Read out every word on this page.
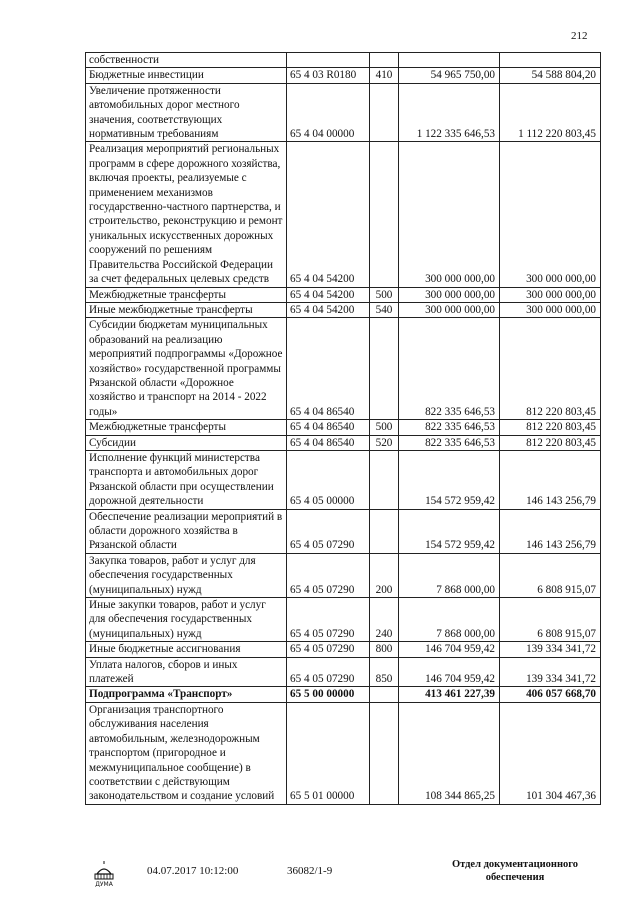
212
собственности				
Бюджетные инвестиции	65 4 03 R0180	410	54 965 750,00	54 588 804,20
Увеличение протяженности автомобильных дорог местного значения, соответствующих нормативным требованиям	65 4 04 00000		1 122 335 646,53	1 112 220 803,45
Реализация мероприятий региональных программ в сфере дорожного хозяйства, включая проекты, реализуемые с применением механизмов государственно-частного партнерства, и строительство, реконструкцию и ремонт уникальных искусственных дорожных сооружений по решениям Правительства Российской Федерации за счет федеральных целевых средств	65 4 04 54200		300 000 000,00	300 000 000,00
Межбюджетные трансферты	65 4 04 54200	500	300 000 000,00	300 000 000,00
Иные межбюджетные трансферты	65 4 04 54200	540	300 000 000,00	300 000 000,00
Субсидии бюджетам муниципальных образований на реализацию мероприятий подпрограммы «Дорожное хозяйство» государственной программы Рязанской области «Дорожное хозяйство и транспорт на 2014 - 2022 годы»	65 4 04 86540		822 335 646,53	812 220 803,45
Межбюджетные трансферты	65 4 04 86540	500	822 335 646,53	812 220 803,45
Субсидии	65 4 04 86540	520	822 335 646,53	812 220 803,45
Исполнение функций министерства транспорта и автомобильных дорог Рязанской области при осуществлении дорожной деятельности	65 4 05 00000		154 572 959,42	146 143 256,79
Обеспечение реализации мероприятий в области дорожного хозяйства в Рязанской области	65 4 05 07290		154 572 959,42	146 143 256,79
Закупка товаров, работ и услуг для обеспечения государственных (муниципальных) нужд	65 4 05 07290	200	7 868 000,00	6 808 915,07
Иные закупки товаров, работ и услуг для обеспечения государственных (муниципальных) нужд	65 4 05 07290	240	7 868 000,00	6 808 915,07
Иные бюджетные ассигнования	65 4 05 07290	800	146 704 959,42	139 334 341,72
Уплата налогов, сборов и иных платежей	65 4 05 07290	850	146 704 959,42	139 334 341,72
Подпрограмма «Транспорт»	65 5 00 00000		413 461 227,39	406 057 668,70
Организация транспортного обслуживания населения автомобильным, железнодорожным транспортом (пригородное и межмуниципальное сообщение) в соответствии с действующим законодательством и создание условий	65 5 01 00000		108 344 865,25	101 304 467,36
ДУМА
04.07.2017 10:12:00	36082/1-9
Отдел документационного
обеспечения
